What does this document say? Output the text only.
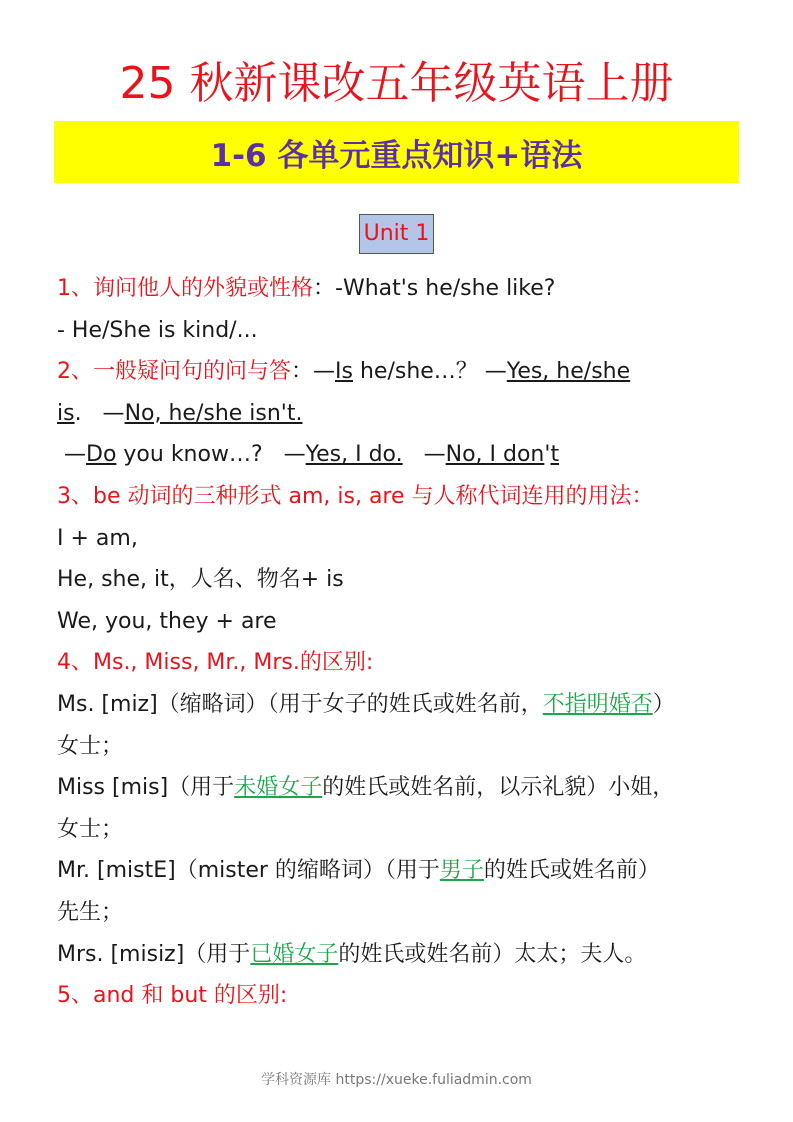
25 秋新课改五年级英语上册
1-6 各单元重点知识+语法
Unit 1
1、询问他人的外貌或性格：-What's he/she like?
- He/She is kind/...
2、一般疑问句的问与答：—Is he/she…？ —Yes, he/she
is.   —No, he/she isn't.
—Do you know…?   —Yes, I do.   —No, I don't
3、be 动词的三种形式 am, is, are 与人称代词连用的用法：
I + am,
He, she, it，人名、物名+ is
We, you, they + are
4、Ms., Miss, Mr., Mrs.的区别:
Ms. [miz]（缩略词）（用于女子的姓氏或姓名前，不指明婚否）
女士；
Miss [mis]（用于未婚女子的姓氏或姓名前，以示礼貌）小姐，
女士；
Mr. [mistE]（mister 的缩略词）（用于男子的姓氏或姓名前）
先生；
Mrs. [misiz]（用于已婚女子的姓氏或姓名前）太太；夫人。
5、and 和 but 的区别:
学科资源库 https://xueke.fuliadmin.com
